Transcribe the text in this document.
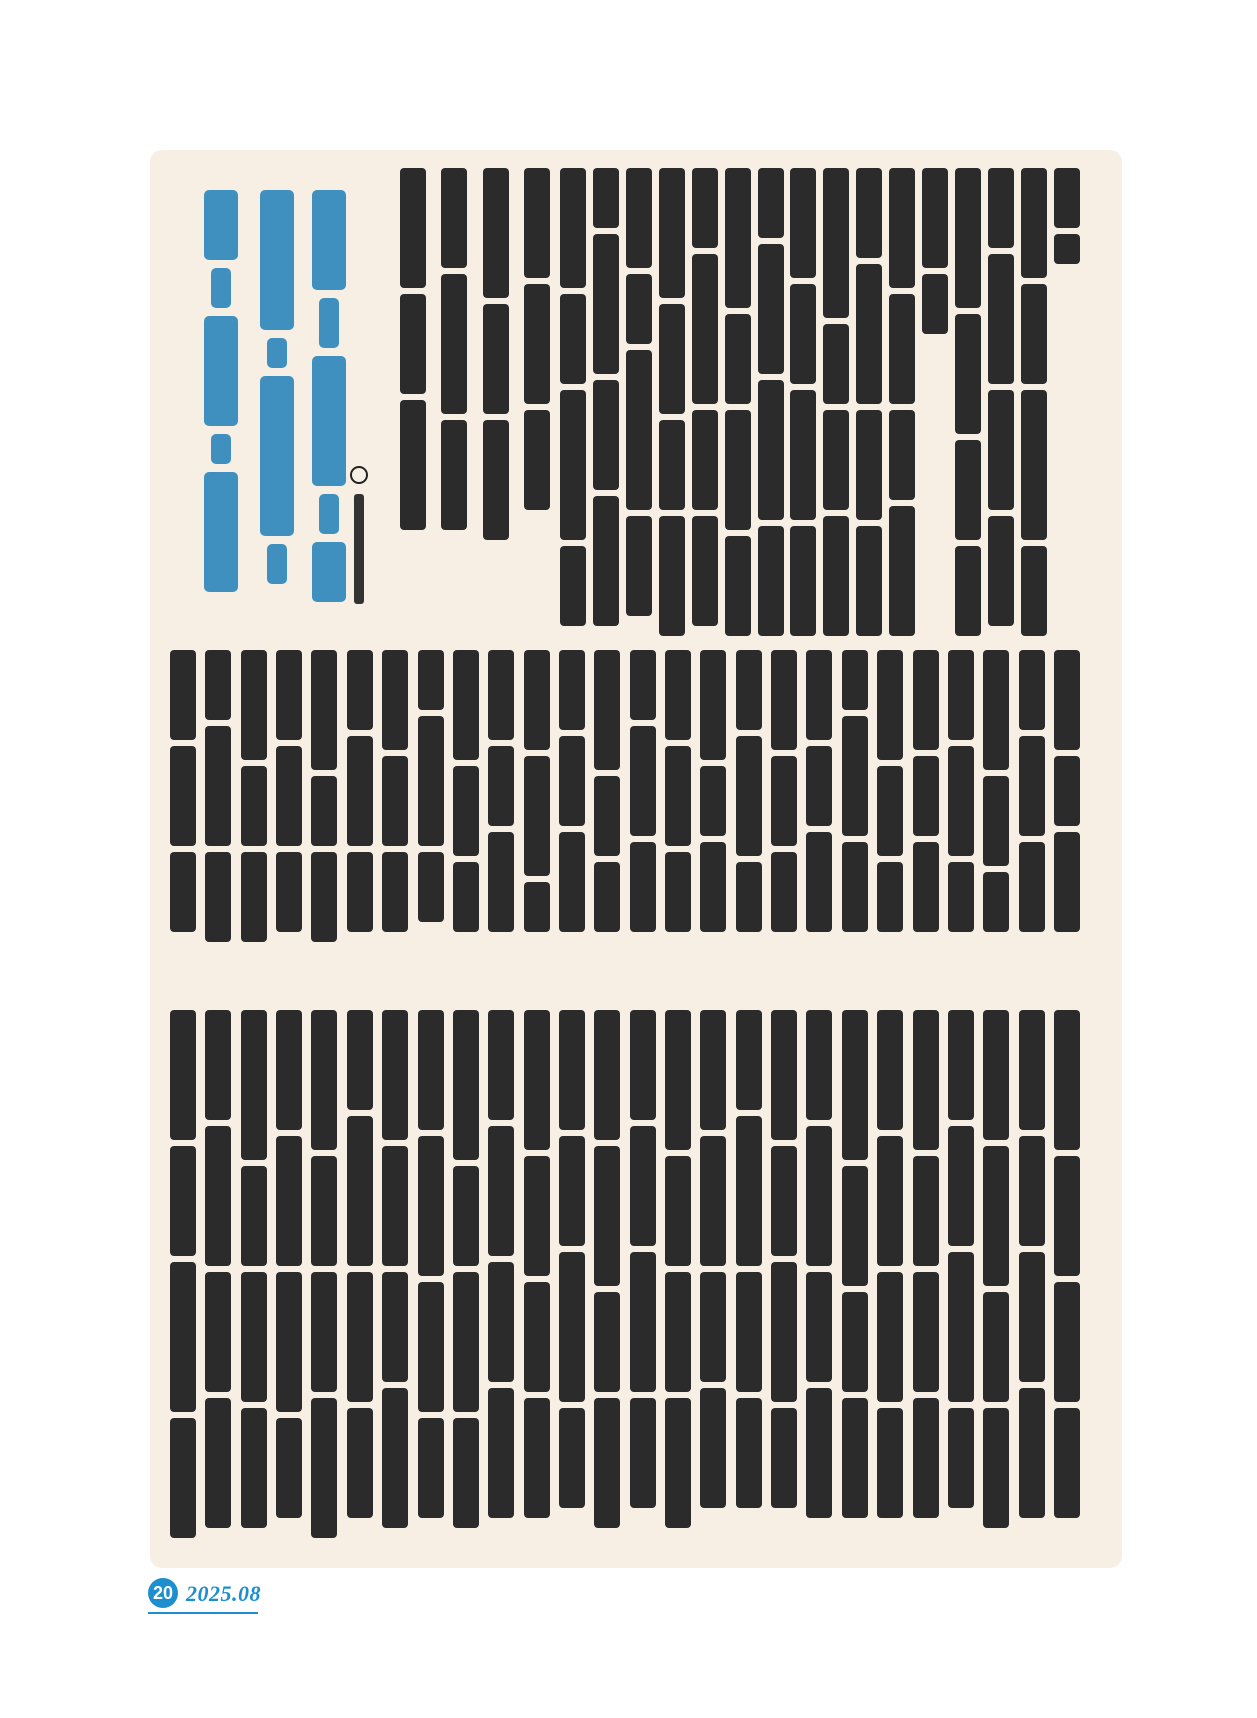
20 2025.08
